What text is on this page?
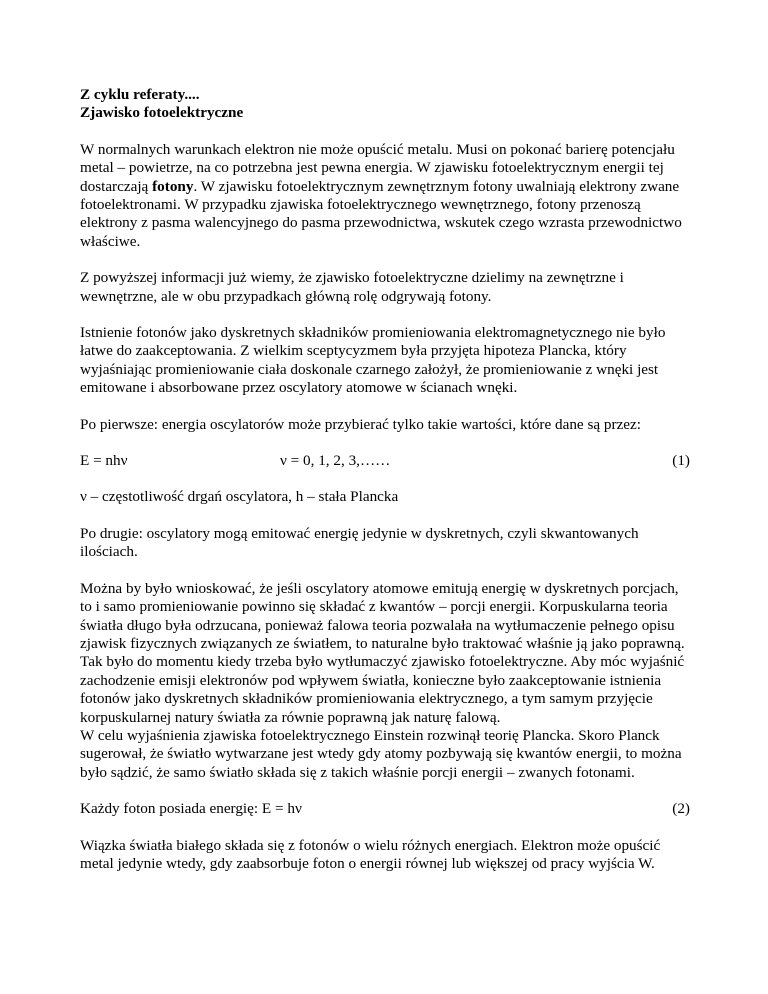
Z cyklu referaty....
Zjawisko fotoelektryczne

W normalnych warunkach elektron nie może opuścić metalu. Musi on pokonać barierę potencjału metal – powietrze, na co potrzebna jest pewna energia. W zjawisku fotoelektrycznym energii tej dostarczają fotony. W zjawisku fotoelektrycznym zewnętrznym fotony uwalniają elektrony zwane fotoelektronami. W przypadku zjawiska fotoelektrycznego wewnętrznego, fotony przenoszą elektrony z pasma walencyjnego do pasma przewodnictwa, wskutek czego wzrasta przewodnictwo właściwe.

Z powyższej informacji już wiemy, że zjawisko fotoelektryczne dzielimy na zewnętrzne i wewnętrzne, ale w obu przypadkach główną rolę odgrywają fotony.

Istnienie fotonów jako dyskretnych składników promieniowania elektromagnetycznego nie było łatwe do zaakceptowania. Z wielkim sceptycyzmem była przyjęta hipoteza Plancka, który wyjaśniając promieniowanie ciała doskonale czarnego założył, że promieniowanie z wnęki jest emitowane i absorbowane przez oscylatory atomowe w ścianach wnęki.

Po pierwsze: energia oscylatorów może przybierać tylko takie wartości, które dane są przez:

E = nhν	ν = 0, 1, 2, 3,……	(1)

ν – częstotliwość drgań oscylatora, h – stała Plancka

Po drugie: oscylatory mogą emitować energię jedynie w dyskretnych, czyli skwantowanych ilościach.

Można by było wnioskować, że jeśli oscylatory atomowe emitują energię w dyskretnych porcjach, to i samo promieniowanie powinno się składać z kwantów – porcji energii. Korpuskularna teoria światła długo była odrzucana, ponieważ falowa teoria pozwalała na wytłumaczenie pełnego opisu zjawisk fizycznych związanych ze światłem, to naturalne było traktować właśnie ją jako poprawną.

Tak było do momentu kiedy trzeba było wytłumaczyć zjawisko fotoelektryczne. Aby móc wyjaśnić zachodzenie emisji elektronów pod wpływem światła, konieczne było zaakceptowanie istnienia fotonów jako dyskretnych składników promieniowania elektrycznego, a tym samym przyjęcie korpuskularnej natury światła za równie poprawną jak naturę falową.

W celu wyjaśnienia zjawiska fotoelektrycznego Einstein rozwinął teorię Plancka. Skoro Planck sugerował, że światło wytwarzane jest wtedy gdy atomy pozbywają się kwantów energii, to można było sądzić, że samo światło składa się z takich właśnie porcji energii – zwanych fotonami.

Każdy foton posiada energię: E = hν	(2)

Wiązka światła białego składa się z fotonów o wielu różnych energiach. Elektron może opuścić metal jedynie wtedy, gdy zaabsorbuje foton o energii równej lub większej od pracy wyjścia W.
